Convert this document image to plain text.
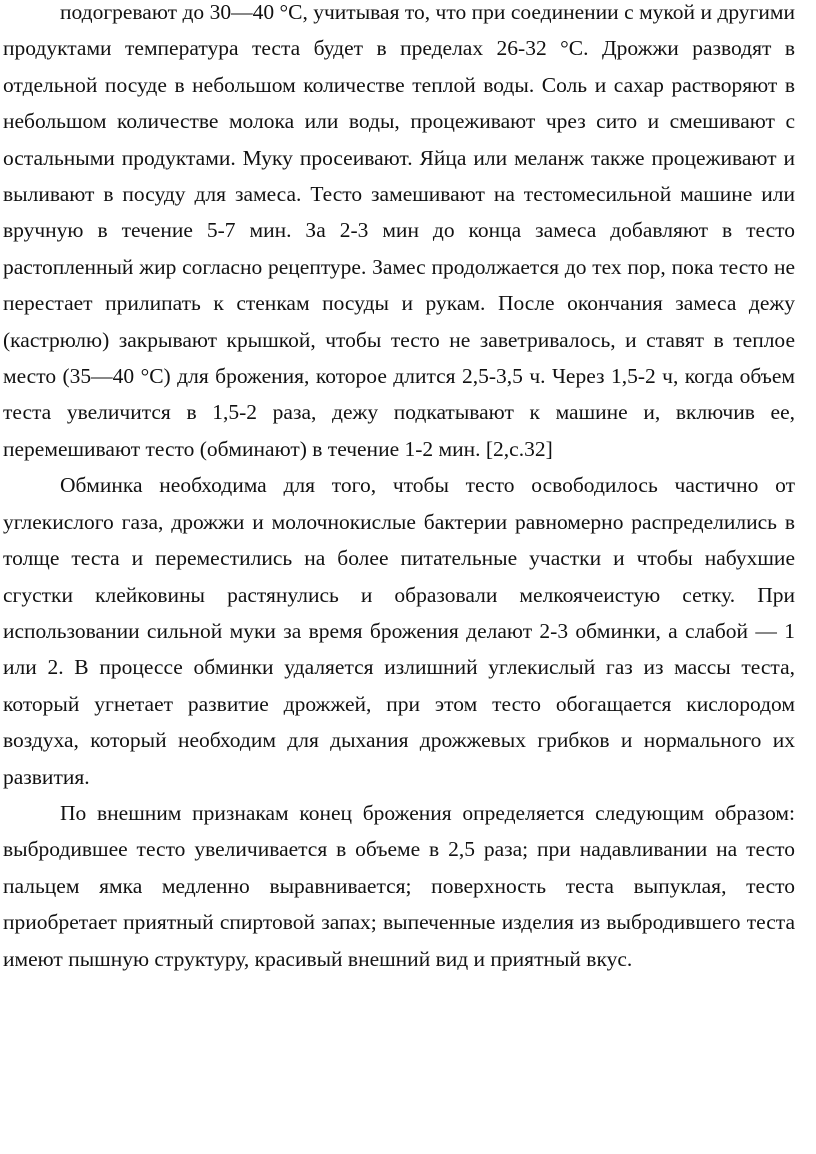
подогревают до 30—40 °С, учитывая то, что при соединении с мукой и другими продуктами температура теста будет в пределах 26-32 °С. Дрожжи разводят в отдельной посуде в небольшом количестве теплой воды. Соль и сахар растворяют в небольшом количестве молока или воды, процеживают чрез сито и смешивают с остальными продуктами. Муку просеивают. Яйца или меланж также процеживают и выливают в посуду для замеса. Тесто замешивают на тестомесильной машине или вручную в течение 5-7 мин. За 2-3 мин до конца замеса добавляют в тесто растопленный жир согласно рецептуре. Замес продолжается до тех пор, пока тесто не перестает прилипать к стенкам посуды и рукам. После окончания замеса дежу (кастрюлю) закрывают крышкой, чтобы тесто не заветривалось, и ставят в теплое место (35—40 °С) для брожения, которое длится 2,5-3,5 ч. Через 1,5-2 ч, когда объем теста увеличится в 1,5-2 раза, дежу подкатывают к машине и, включив ее, перемешивают тесто (обминают) в течение 1-2 мин. [2,с.32]

Обминка необходима для того, чтобы тесто освободилось частично от углекислого газа, дрожжи и молочнокислые бактерии равномерно распределились в толще теста и переместились на более питательные участки и чтобы набухшие сгустки клейковины растянулись и образовали мелкоячеистую сетку. При использовании сильной муки за время брожения делают 2-3 обминки, а слабой — 1 или 2. В процессе обминки удаляется излишний углекислый газ из массы теста, который угнетает развитие дрожжей, при этом тесто обогащается кислородом воздуха, который необходим для дыхания дрожжевых грибков и нормального их развития.

По внешним признакам конец брожения определяется следующим образом: выбродившее тесто увеличивается в объеме в 2,5 раза; при надавливании на тесто пальцем ямка медленно выравнивается; поверхность теста выпуклая, тесто приобретает приятный спиртовой запах; выпеченные изделия из выбродившего теста имеют пышную структуру, красивый внешний вид и приятный вкус.
